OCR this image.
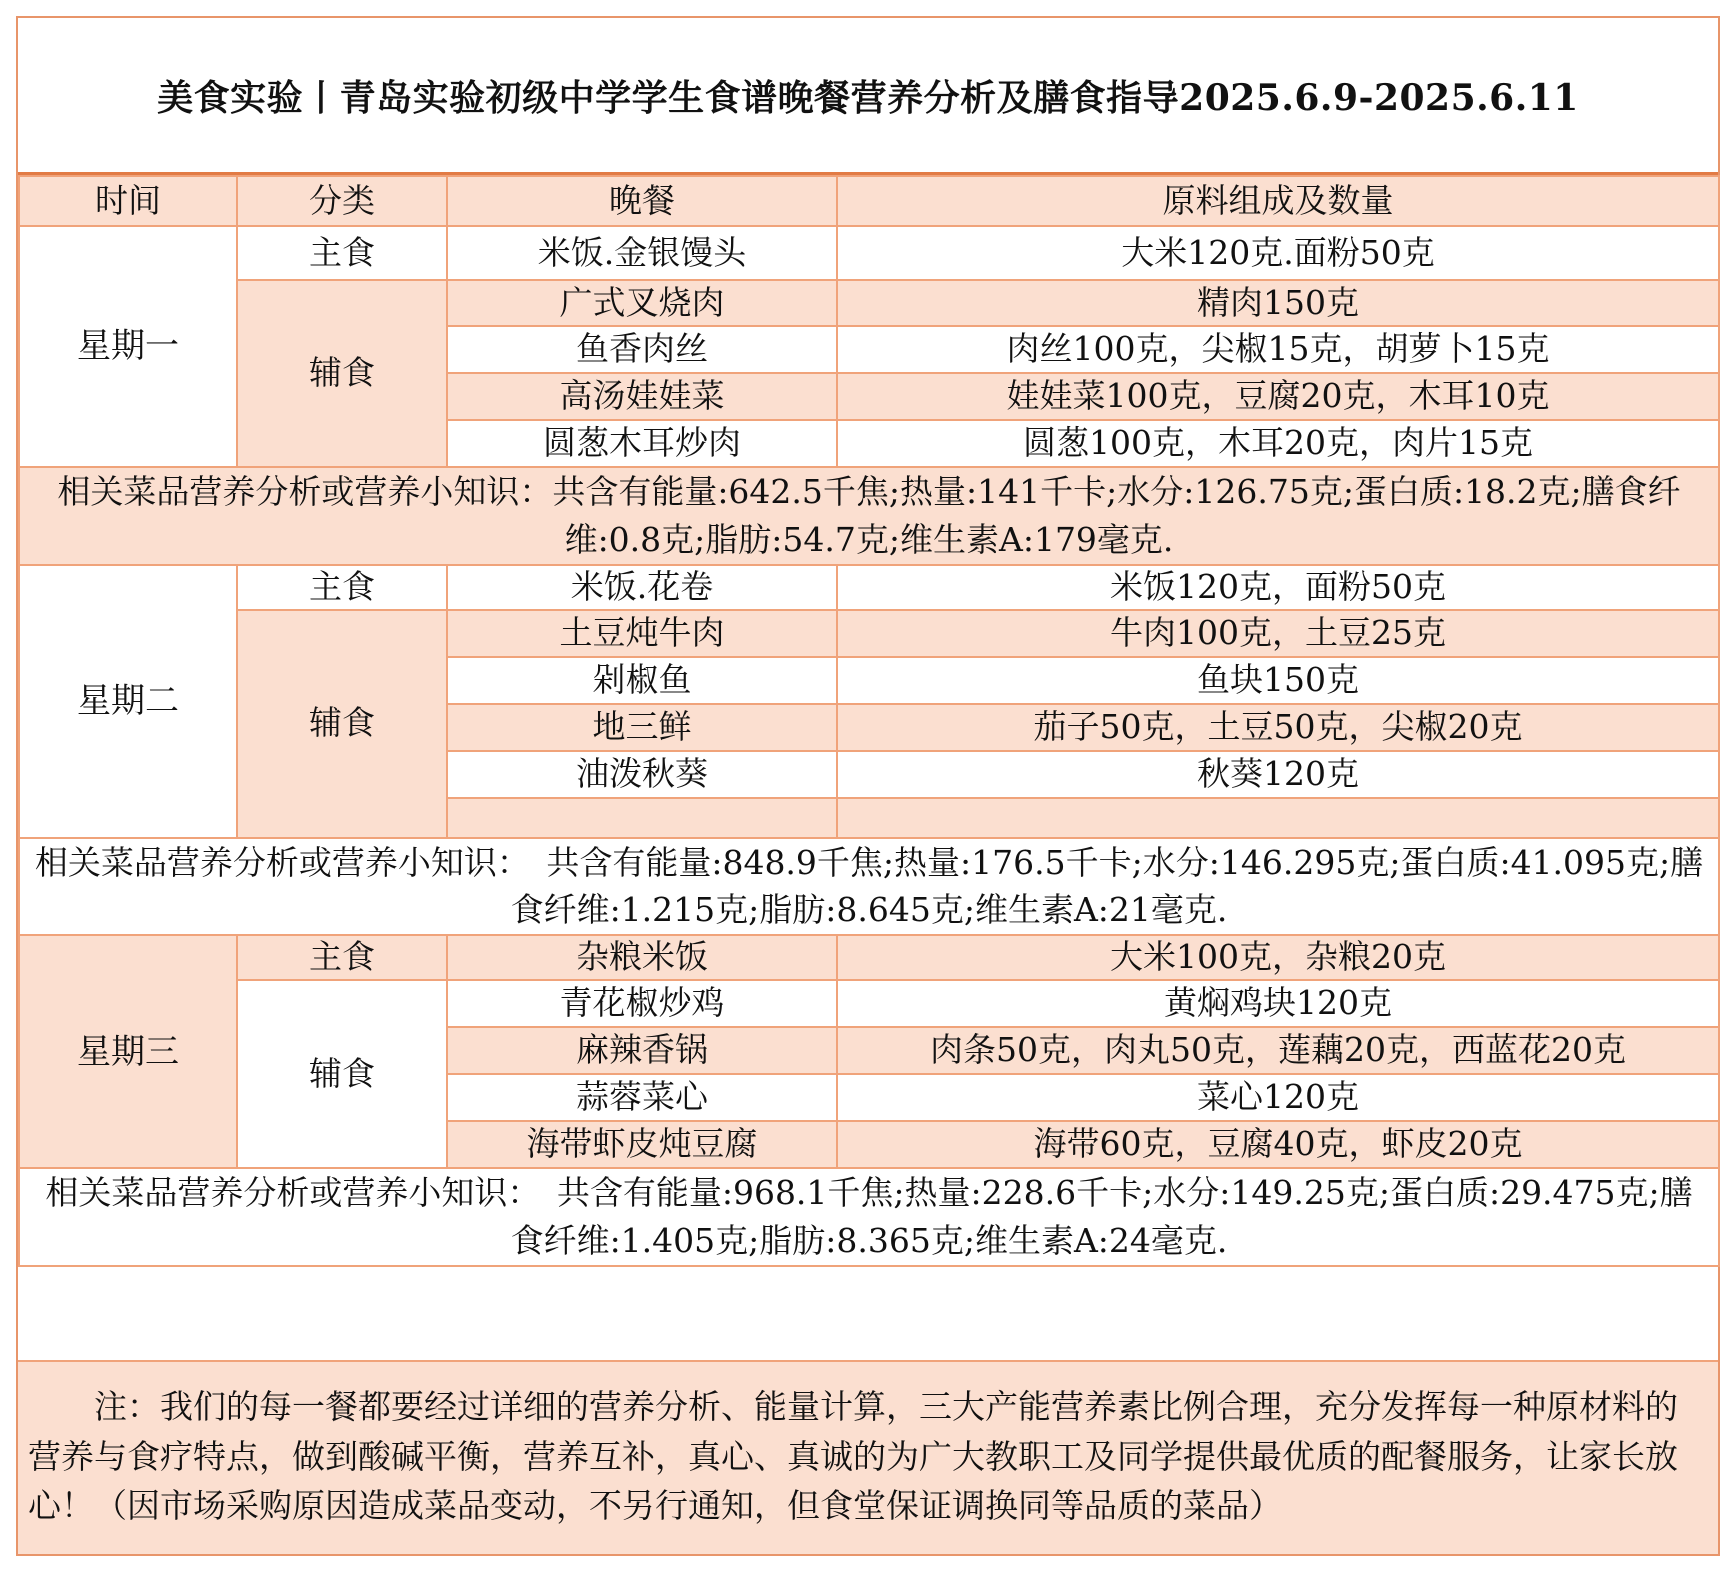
美食实验丨青岛实验初级中学学生食谱晚餐营养分析及膳食指导2025.6.9-2025.6.11
时间	分类	晚餐	原料组成及数量
星期一	主食	米饭.金银馒头	大米120克.面粉50克
	辅食	广式叉烧肉	精肉150克
		鱼香肉丝	肉丝100克，尖椒15克，胡萝卜15克
		高汤娃娃菜	娃娃菜100克，豆腐20克，木耳10克
		圆葱木耳炒肉	圆葱100克，木耳20克，肉片15克
相关菜品营养分析或营养小知识：共含有能量:642.5千焦;热量:141千卡;水分:126.75克;蛋白质:18.2克;膳食纤维:0.8克;脂肪:54.7克;维生素A:179毫克.			
星期二	主食	米饭.花卷	米饭120克，面粉50克
	辅食	土豆炖牛肉	牛肉100克，土豆25克
		剁椒鱼	鱼块150克
		地三鲜	茄子50克，土豆50克，尖椒20克
		油泼秋葵	秋葵120克

相关菜品营养分析或营养小知识：　共含有能量:848.9千焦;热量:176.5千卡;水分:146.295克;蛋白质:41.095克;膳食纤维:1.215克;脂肪:8.645克;维生素A:21毫克.			
星期三	主食	杂粮米饭	大米100克，杂粮20克
	辅食	青花椒炒鸡	黄焖鸡块120克
		麻辣香锅	肉条50克，肉丸50克，莲藕20克，西蓝花20克
		蒜蓉菜心	菜心120克
		海带虾皮炖豆腐	海带60克，豆腐40克，虾皮20克
相关菜品营养分析或营养小知识：　共含有能量:968.1千焦;热量:228.6千卡;水分:149.25克;蛋白质:29.475克;膳食纤维:1.405克;脂肪:8.365克;维生素A:24毫克.			
注：我们的每一餐都要经过详细的营养分析、能量计算，三大产能营养素比例合理，充分发挥每一种原材料的营养与食疗特点，做到酸碱平衡，营养互补，真心、真诚的为广大教职工及同学提供最优质的配餐服务，让家长放心！（因市场采购原因造成菜品变动，不另行通知，但食堂保证调换同等品质的菜品）
